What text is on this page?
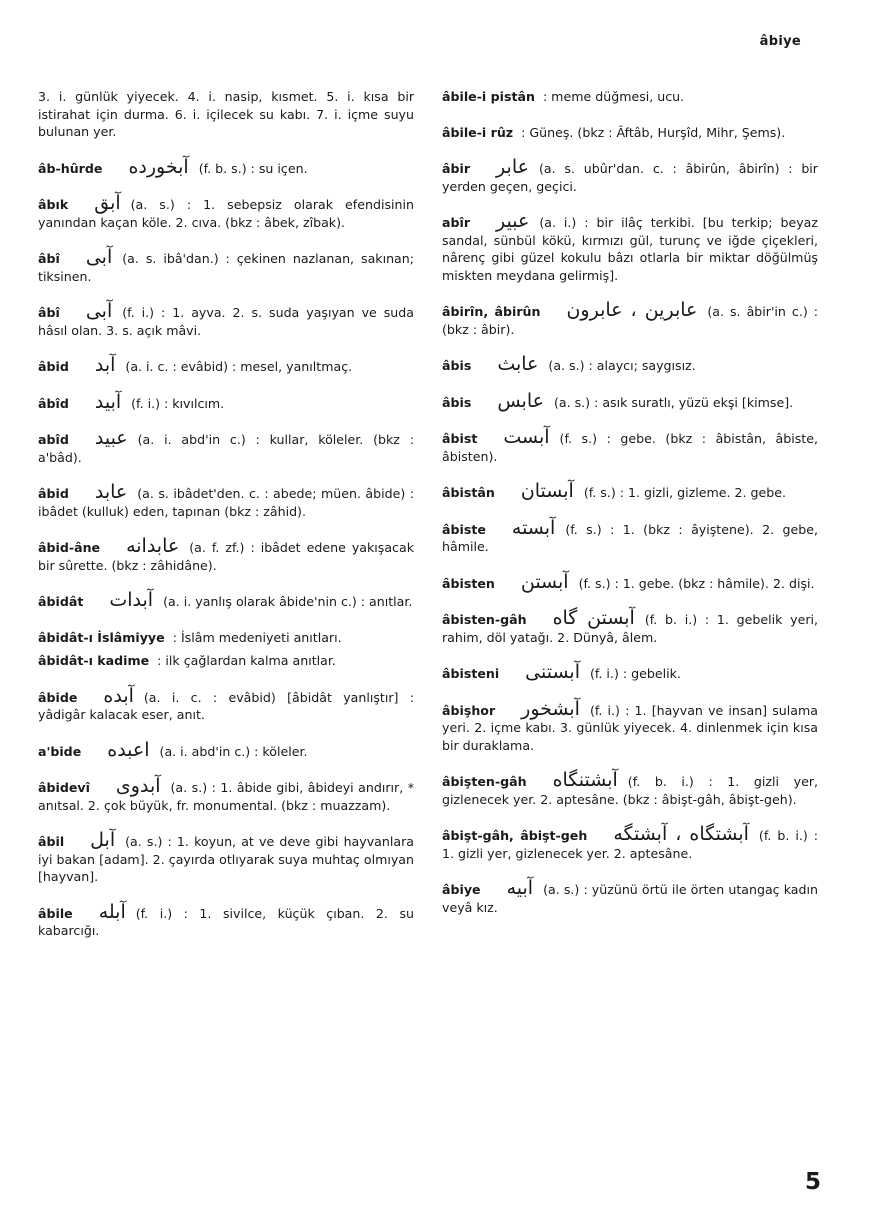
âbiye

3. i. günlük yiyecek. 4. i. nasip, kısmet. 5. i. kısa bir istirahat için durma. 6. i. içilecek su kabı. 7. i. içme suyu bulunan yer.

âb-hûrde آبخورده (f. b. s.) : su içen.

âbık آبق (a. s.) : 1. sebepsiz olarak efendisinin yanından kaçan köle. 2. cıva. (bkz : âbek, zîbak).

âbî آبى (a. s. ibâ'dan.) : çekinen nazlanan, sakınan; tiksinen.

âbî آبى (f. i.) : 1. ayva. 2. s. suda yaşıyan ve suda hâsıl olan. 3. s. açık mâvi.

âbid آبد (a. i. c. : evâbid) : mesel, yanıltmaç.

âbîd آبيد (f. i.) : kıvılcım.

abîd عبيد (a. i. abd'in c.) : kullar, köleler. (bkz : a'bâd).

âbid عابد (a. s. ibâdet'den. c. : abede; müen. âbide) : ibâdet (kulluk) eden, tapınan (bkz : zâhid).

âbid-âne عابدانه (a. f. zf.) : ibâdet edene yakışacak bir sûrette. (bkz : zâhidâne).

âbidât آبدات (a. i. yanlış olarak âbide'nin c.) : anıtlar.

âbidât-ı İslâmiyye : İslâm medeniyeti anıtları.

âbidât-ı kadime : ilk çağlardan kalma anıtlar.

âbide آبده (a. i. c. : evâbid) [âbidât yanlıştır] : yâdigâr kalacak eser, anıt.

a'bide اعبده (a. i. abd'in c.) : köleler.

âbidevî آبدوى (a. s.) : 1. âbide gibi, âbideyi andırır, * anıtsal. 2. çok büyük, fr. monumental. (bkz : muazzam).

âbil آبل (a. s.) : 1. koyun, at ve deve gibi hayvanlara iyi bakan [adam]. 2. çayırda otlıyarak suya muhtaç olmıyan [hayvan].

âbile آبله (f. i.) : 1. sivilce, küçük çıban. 2. su kabarcığı.

âbile-i pistân : meme düğmesi, ucu.

âbile-i rûz : Güneş. (bkz : Âftâb, Hurşîd, Mihr, Şems).

âbir عابر (a. s. ubûr'dan. c. : âbirûn, âbirîn) : bir yerden geçen, geçici.

abîr عبير (a. i.) : bir ilâç terkibi. [bu terkip; beyaz sandal, sünbül kökü, kırmızı gül, turunç ve iğde çiçekleri, nârenç gibi güzel kokulu bâzı otlarla bir miktar döğülmüş miskten meydana gelirmiş].

âbirîn, âbirûn عابرين ، عابرون (a. s. âbir'in c.) : (bkz : âbir).

âbis عابث (a. s.) : alaycı; saygısız.

âbis عابس (a. s.) : asık suratlı, yüzü ekşi [kimse].

âbist آبست (f. s.) : gebe. (bkz : âbistân, âbiste, âbisten).

âbistân آبستان (f. s.) : 1. gizli, gizleme. 2. gebe.

âbiste آبسته (f. s.) : 1. (bkz : âyiştene). 2. gebe, hâmile.

âbisten آبستن (f. s.) : 1. gebe. (bkz : hâmile). 2. dişi.

âbisten-gâh آبستن گاه (f. b. i.) : 1. gebelik yeri, rahim, döl yatağı. 2. Dünyâ, âlem.

âbisteni آبستنى (f. i.) : gebelik.

âbişhor آبشخور (f. i.) : 1. [hayvan ve insan] sulama yeri. 2. içme kabı. 3. günlük yiyecek. 4. dinlenmek için kısa bir duraklama.

âbişten-gâh آبشتنگاه (f. b. i.) : 1. gizli yer, gizlenecek yer. 2. aptesâne. (bkz : âbişt-gâh, âbişt-geh).

âbişt-gâh, âbişt-geh آبشتگاه ، آبشتگه (f. b. i.) : 1. gizli yer, gizlenecek yer. 2. aptesâne.

âbiye آبيه (a. s.) : yüzünü örtü ile örten utangaç kadın veyâ kız.

5
